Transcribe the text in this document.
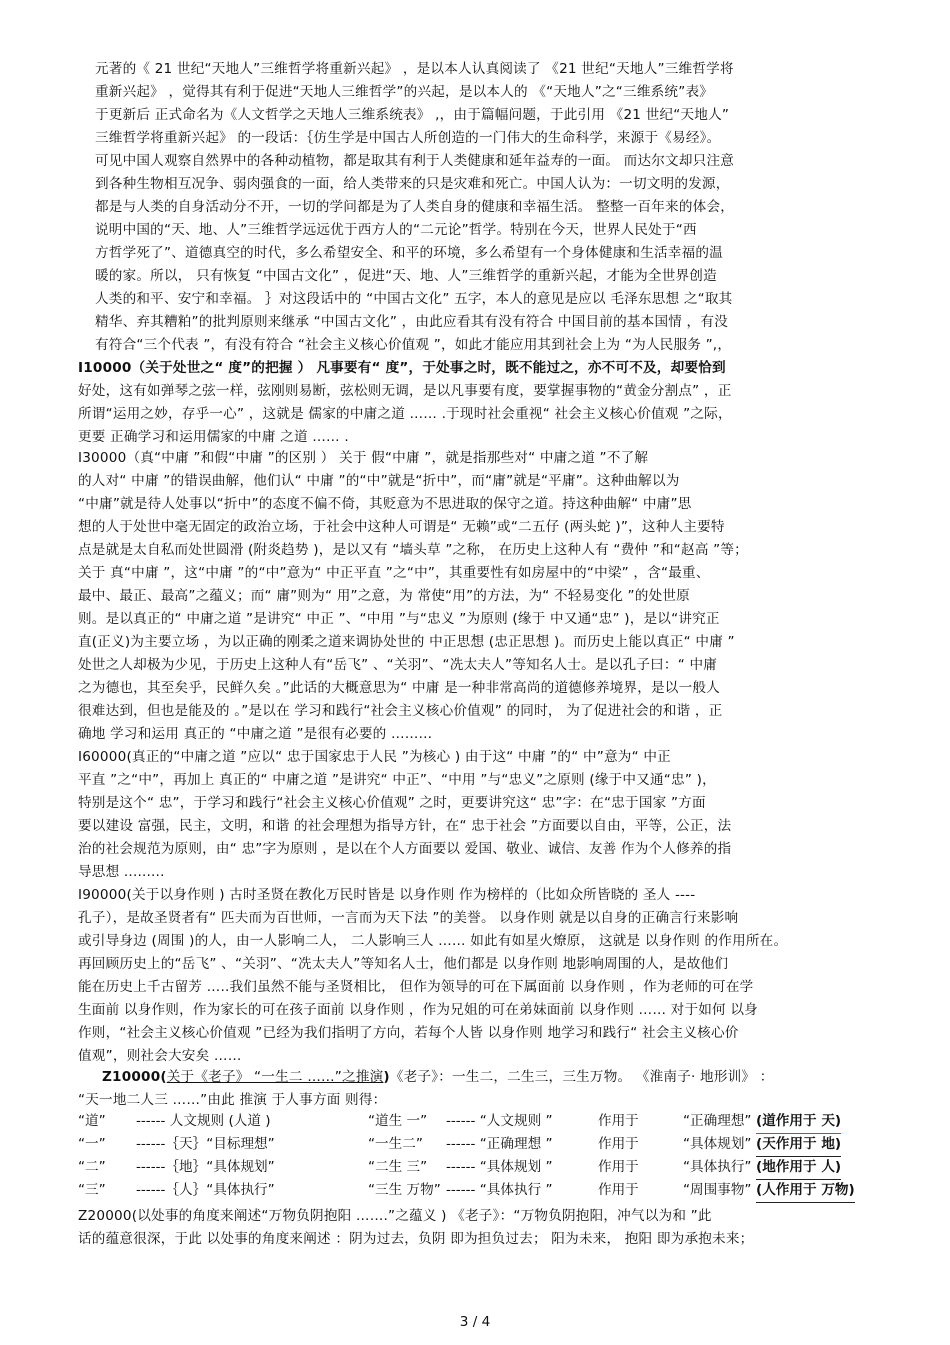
元著的《 21 世纪“天地人”三维哲学将重新兴起》 ，是以本人认真阅读了 《21 世纪“天地人”三维哲学将
重新兴起》 ，觉得其有利于促进“天地人三维哲学”的兴起，是以本人的 《“天地人”之“三维系统”表》
于更新后 正式命名为《人文哲学之天地人三维系统表》 ,，由于篇幅问题，于此引用 《21 世纪“天地人”
三维哲学将重新兴起》 的一段话：｛仿生学是中国古人所创造的一门伟大的生命科学，来源于《易经》。
可见中国人观察自然界中的各种动植物，都是取其有利于人类健康和延年益寿的一面。 而达尔文却只注意
到各种生物相互况争、弱肉强食的一面，给人类带来的只是灾难和死亡。中国人认为：一切文明的发源，
都是与人类的自身活动分不开，一切的学问都是为了人类自身的健康和幸福生活。 整整一百年来的体会，
说明中国的“天、地、人”三维哲学远远优于西方人的“二元论”哲学。特别在今天，世界人民处于“西
方哲学死了”、道德真空的时代，多么希望安全、和平的环境，多么希望有一个身体健康和生活幸福的温
暖的家。所以， 只有恢复 “中国古文化” ，促进“天、地、人”三维哲学的重新兴起，才能为全世界创造
人类的和平、安宁和幸福。 ｝对这段话中的 “中国古文化” 五字，本人的意见是应以 毛泽东思想 之“取其
精华、弃其糟粕”的批判原则来继承 “中国古文化” ，由此应看其有没有符合 中国目前的基本国情 ，有没
有符合“三个代表 ”，有没有符合 “社会主义核心价值观 ”，如此才能应用其到社会上为 “为人民服务 ”,，
I10000（关于处世之“ 度”的把握 ） 凡事要有“ 度”，于处事之时，既不能过之，亦不可不及，却要恰到
好处，这有如弹琴之弦一样，弦刚则易断，弦松则无调，是以凡事要有度，要掌握事物的“黄金分割点” ，正
所谓“运用之妙，存乎一心” ，这就是 儒家的中庸之道 …… .于现时社会重视“ 社会主义核心价值观 ”之际，
更要 正确学习和运用儒家的中庸 之道 …… .
I30000（真“中庸 ”和假“中庸 ”的区别 ） 关于 假“中庸 ”，就是指那些对“ 中庸之道 ”不了解
的人对“ 中庸 ”的错误曲解，他们认“ 中庸 ”的“中”就是“折中”，而“庸”就是“平庸”。这种曲解以为
“中庸”就是待人处事以“折中”的态度不偏不倚，其贬意为不思进取的保守之道。持这种曲解“ 中庸”思
想的人于处世中毫无固定的政治立场，于社会中这种人可谓是“ 无赖”或“二五仔 (两头蛇 )”，这种人主要特
点是就是太自私而处世圆滑 (附炎趋势 )，是以又有 “墙头草 ”之称， 在历史上这种人有 “费仲 ”和“赵高 ”等；
关于 真“中庸 ”，这“中庸 ”的“中”意为“ 中正平直 ”之“中”，其重要性有如房屋中的“中梁” ，含“最重、
最中、最正、最高”之蕴义；而“ 庸”则为“ 用”之意，为 常使“用”的方法，为“ 不轻易变化 ”的处世原
则。是以真正的“ 中庸之道 ”是讲究“ 中正 ”、“中用 ”与“忠义 ”为原则 (缘于 中又通“忠” )，是以“讲究正
直(正义)为主要立场 ，为以正确的刚柔之道来调协处世的 中正思想 (忠正思想 )。而历史上能以真正“ 中庸 ”
处世之人却极为少见，于历史上这种人有“岳飞” 、“关羽”、“冼太夫人”等知名人士。是以孔子曰：“ 中庸
之为德也，其至矣乎，民鲜久矣 。”此话的大概意思为“ 中庸 是一种非常高尚的道德修养境界，是以一般人
很难达到，但也是能及的 。”是以在 学习和践行“社会主义核心价值观” 的同时， 为了促进社会的和谐 ，正
确地 学习和运用 真正的 “中庸之道 ”是很有必要的 ………
I60000(真正的“中庸之道 ”应以“ 忠于国家忠于人民 ”为核心 ) 由于这“ 中庸 ”的“ 中”意为“ 中正
平直 ”之“中”，再加上 真正的“ 中庸之道 ”是讲究“ 中正”、“中用 ”与“忠义”之原则 (缘于中又通“忠” )，
特别是这个“ 忠”，于学习和践行“社会主义核心价值观” 之时，更要讲究这“ 忠”字：在“忠于国家 ”方面
要以建设 富强，民主，文明，和谐 的社会理想为指导方针，在“ 忠于社会 ”方面要以自由，平等，公正，法
治的社会规范为原则，由“ 忠”字为原则 ，是以在个人方面要以 爱国、敬业、诚信、友善 作为个人修养的指
导思想 .........
I90000(关于以身作则 ) 古时圣贤在教化万民时皆是 以身作则 作为榜样的（比如众所皆晓的 圣人 ----
孔子），是故圣贤者有“ 匹夫而为百世师，一言而为天下法 ”的美誉。 以身作则 就是以自身的正确言行来影响
或引导身边 (周围 )的人，由一人影响二人， 二人影响三人 …… 如此有如星火燎原， 这就是 以身作则 的作用所在。
再回顾历史上的“岳飞” 、“关羽”、“冼太夫人”等知名人士，他们都是 以身作则 地影响周围的人，是故他们
能在历史上千古留芳 …..我们虽然不能与圣贤相比， 但作为领导的可在下属面前 以身作则 ，作为老师的可在学
生面前 以身作则，作为家长的可在孩子面前 以身作则 ，作为兄姐的可在弟妹面前 以身作则 …… 对于如何 以身
作则，“社会主义核心价值观 ”已经为我们指明了方向，若每个人皆 以身作则 地学习和践行“ 社会主义核心价
值观”，则社会大安矣 ……
Z10000(关于《老子》 “一生二 ……”之推演)《老子》：一生二，二生三，三生万物。 《淮南子· 地形训》 ：
“天一地二人三 ……”由此 推演 于人事方面 则得：
“道” ------ 人文规则 (人道 )	“道生 一” ------ “人文规则 ”	作用于	“正确理想” (道作用于 天)
“一” ------｛天｝“目标理想”	“一生二” ------ “正确理想 ”	作用于	“具体规划” (天作用于 地)
“二” ------｛地｝“具体规划”	“二生 三” ------ “具体规划 ”	作用于	“具体执行” (地作用于 人)
“三” ------｛人｝“具体执行”	“三生 万物” ------ “具体执行 ”	作用于	“周围事物” (人作用于 万物)
Z20000(以处事的角度来阐述“万物负阴抱阳 …….”之蕴义 ) 《老子》：“万物负阴抱阳，冲气以为和 ”此
话的蕴意很深，于此 以处事的角度来阐述 ：阴为过去，负阴 即为担负过去； 阳为未来， 抱阳 即为承抱未来；
3 / 4
